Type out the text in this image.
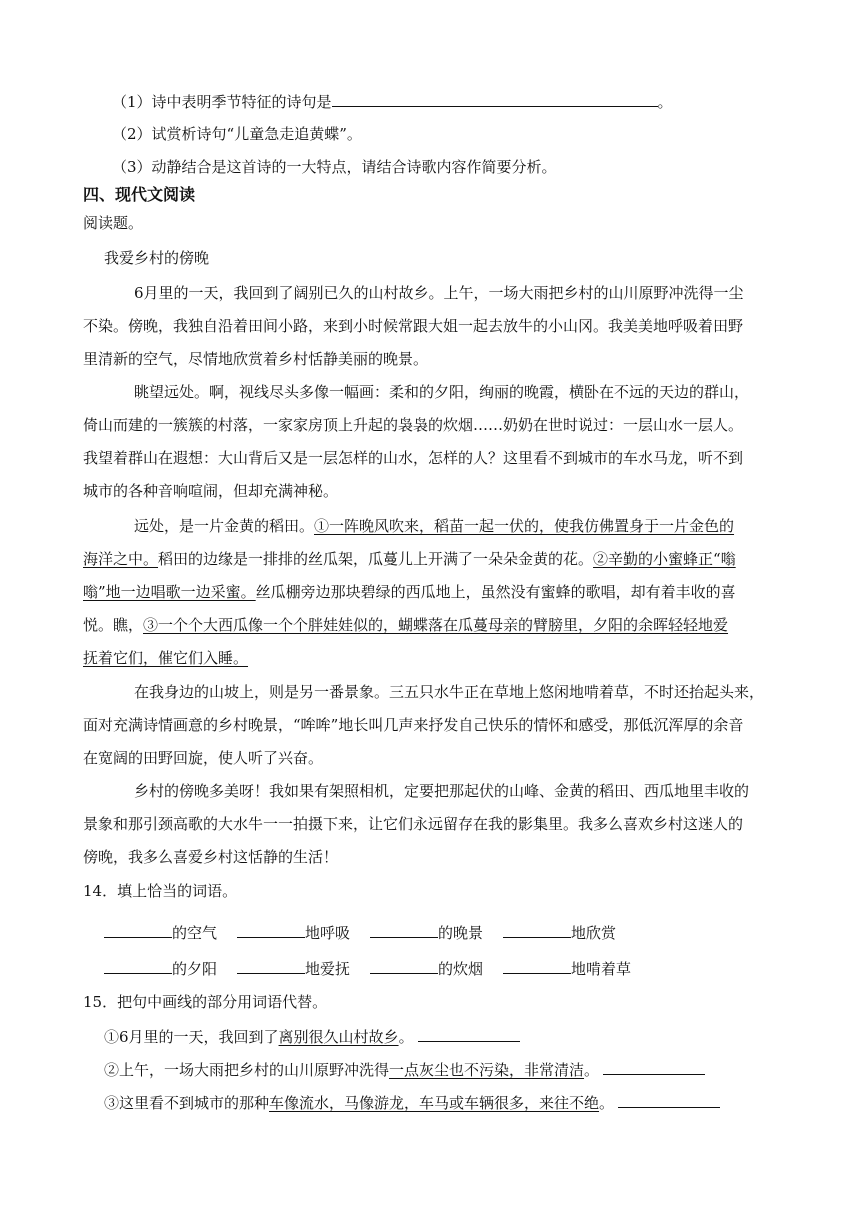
（1）诗中表明季节特征的诗句是	。
（2）试赏析诗句“儿童急走追黄蝶”。
（3）动静结合是这首诗的一大特点，请结合诗歌内容作简要分析。
四、现代文阅读
阅读题。
我爱乡村的傍晚
6月里的一天，我回到了阔别已久的山村故乡。上午，一场大雨把乡村的山川原野冲洗得一尘
不染。傍晚，我独自沿着田间小路，来到小时候常跟大姐一起去放牛的小山冈。我美美地呼吸着田野
里清新的空气，尽情地欣赏着乡村恬静美丽的晚景。
眺望远处。啊，视线尽头多像一幅画：柔和的夕阳，绚丽的晚霞，横卧在不远的天边的群山，
倚山而建的一簇簇的村落，一家家房顶上升起的袅袅的炊烟……奶奶在世时说过：一层山水一层人。
我望着群山在遐想：大山背后又是一层怎样的山水，怎样的人？这里看不到城市的车水马龙，听不到
城市的各种音响喧闹，但却充满神秘。
远处，是一片金黄的稻田。①一阵晚风吹来，稻苗一起一伏的，使我仿佛置身于一片金色的
海洋之中。稻田的边缘是一排排的丝瓜架，瓜蔓儿上开满了一朵朵金黄的花。②辛勤的小蜜蜂正“嗡
嗡”地一边唱歌一边采蜜。丝瓜棚旁边那块碧绿的西瓜地上，虽然没有蜜蜂的歌唱，却有着丰收的喜
悦。瞧，③一个个大西瓜像一个个胖娃娃似的，蝴蝶落在瓜蔓母亲的臂膀里，夕阳的余晖轻轻地爱
抚着它们，催它们入睡。
在我身边的山坡上，则是另一番景象。三五只水牛正在草地上悠闲地啃着草，不时还抬起头来，
面对充满诗情画意的乡村晚景，“哞哞”地长叫几声来抒发自己快乐的情怀和感受，那低沉浑厚的余音
在宽阔的田野回旋，使人听了兴奋。
乡村的傍晚多美呀！我如果有架照相机，定要把那起伏的山峰、金黄的稻田、西瓜地里丰收的
景象和那引颈高歌的大水牛一一拍摄下来，让它们永远留存在我的影集里。我多么喜欢乡村这迷人的
傍晚，我多么喜爱乡村这恬静的生活！
14．填上恰当的词语。
的空气	地呼吸	的晚景	地欣赏
的夕阳	地爱抚	的炊烟	地啃着草
15．把句中画线的部分用词语代替。
①6月里的一天，我回到了离别很久山村故乡。
②上午，一场大雨把乡村的山川原野冲洗得一点灰尘也不污染，非常清洁。
③这里看不到城市的那种车像流水，马像游龙，车马或车辆很多，来往不绝。
